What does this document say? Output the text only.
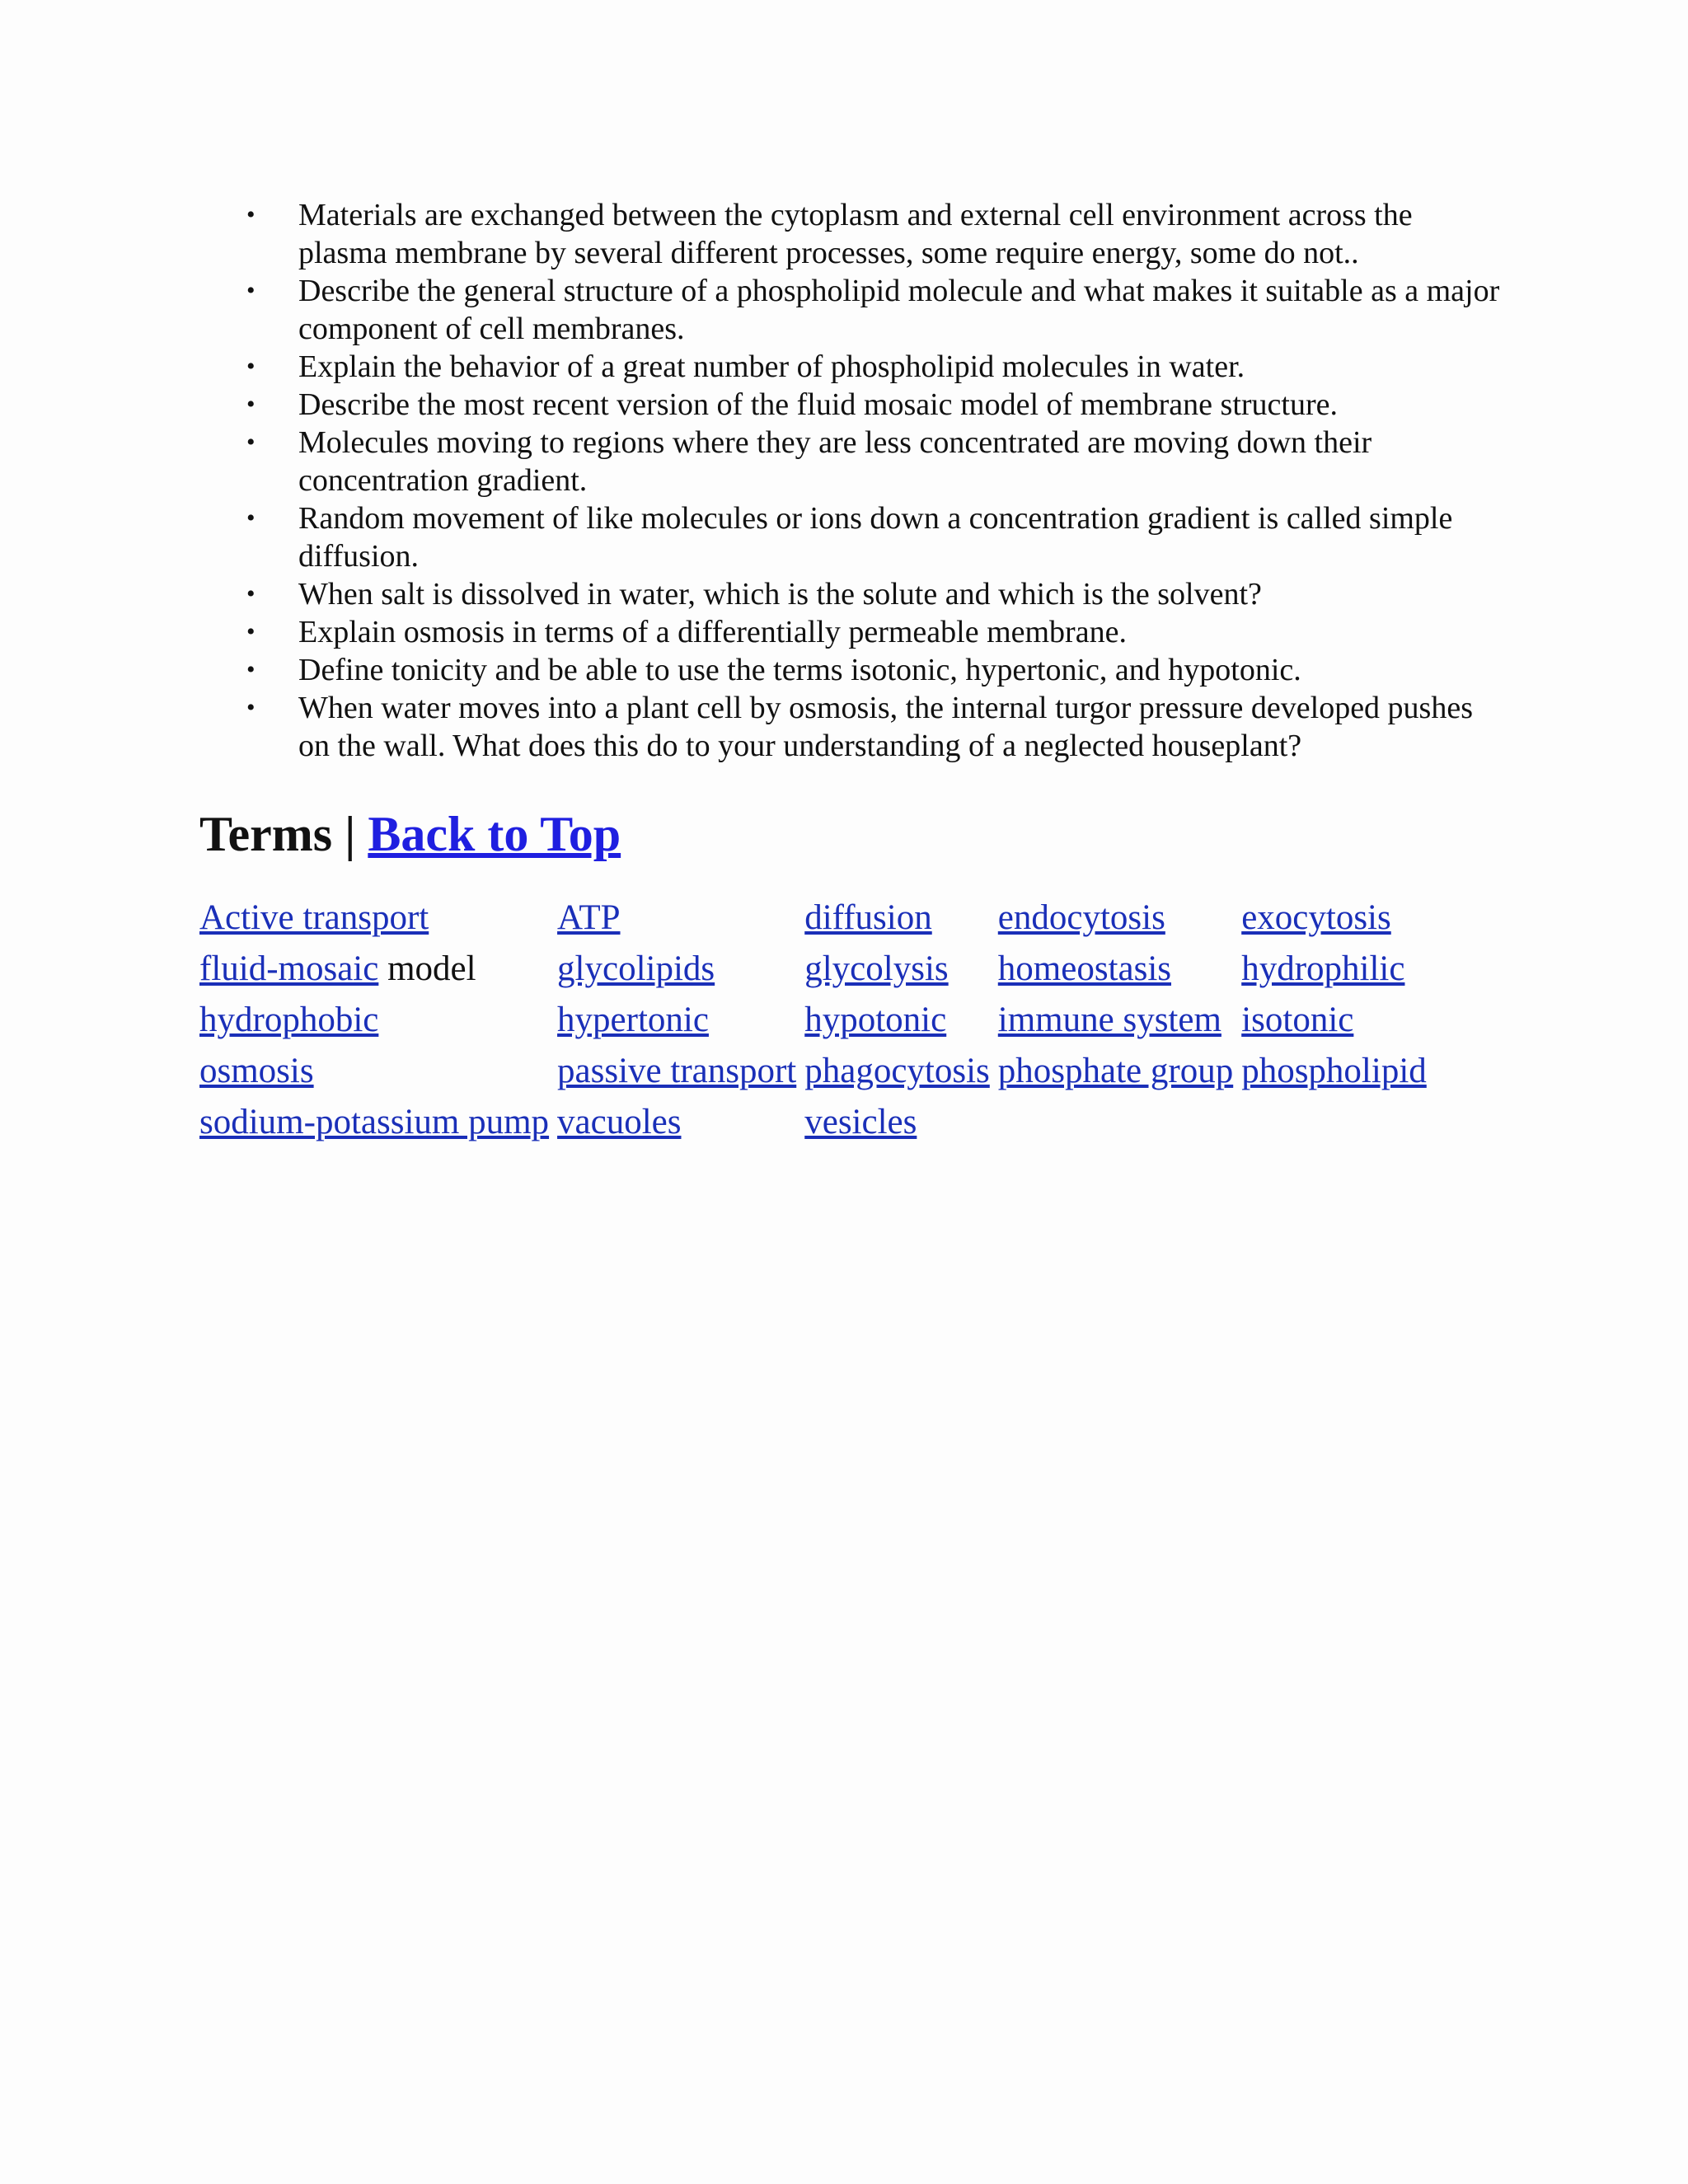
• Materials are exchanged between the cytoplasm and external cell environment across the plasma membrane by several different processes, some require energy, some do not..
• Describe the general structure of a phospholipid molecule and what makes it suitable as a major component of cell membranes.
• Explain the behavior of a great number of phospholipid molecules in water.
• Describe the most recent version of the fluid mosaic model of membrane structure.
• Molecules moving to regions where they are less concentrated are moving down their concentration gradient.
• Random movement of like molecules or ions down a concentration gradient is called simple diffusion.
• When salt is dissolved in water, which is the solute and which is the solvent?
• Explain osmosis in terms of a differentially permeable membrane.
• Define tonicity and be able to use the terms isotonic, hypertonic, and hypotonic.
• When water moves into a plant cell by osmosis, the internal turgor pressure developed pushes on the wall. What does this do to your understanding of a neglected houseplant?
Terms | Back to Top
Active transport	ATP	diffusion	endocytosis	exocytosis
fluid-mosaic model	glycolipids	glycolysis	homeostasis	hydrophilic
hydrophobic	hypertonic	hypotonic	immune system	isotonic
osmosis	passive transport	phagocytosis	phosphate group	phospholipid
sodium-potassium pump	vacuoles	vesicles		
